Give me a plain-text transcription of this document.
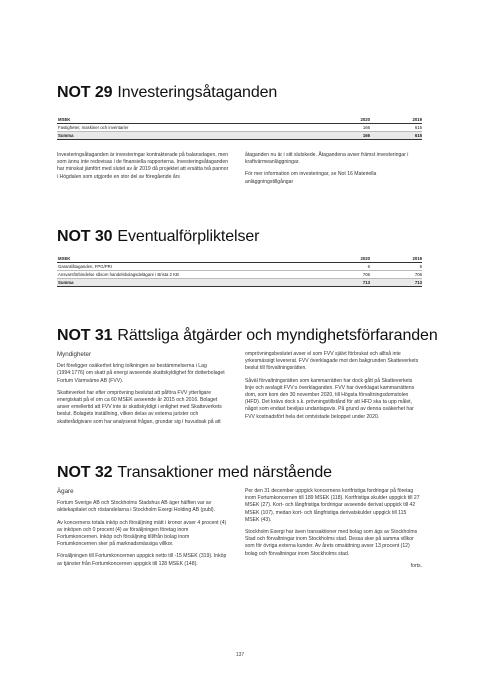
NOT 29 Investeringsåtaganden
MSEK	2020	2019
Fastigheter, maskiner och inventarier	166	615
Summa	166	615

Investeringsåtaganden är investeringar kontrakterade på balansdagen, men som ännu inte redovisas i de finansiella rapporterna. Investeringsåtaganden har minskat jämfört med slutet av år 2019 då projektet att ersätta två pannor i Högdalen som utgjorde en stor del av föregående års

åtaganden nu är i sitt slutskede. Åtagandena avser främst investeringar i kraftvärmeanläggningar.

För mer information om investeringar, se Not 16 Materiella anläggningstillgångar

NOT 30 Eventualförpliktelser
MSEK	2020	2019
Garantiåtaganden, FPG/PRI	6	6
Ansvarsförbindelse såsom handelsbolagsdelägare i Brista 2 KB	706	706
Summa	713	713
NOT 31 Rättsliga åtgärder och myndighetsförfaranden
Myndigheter

Det föreligger osäkerhet kring tolkningen av bestämmelserna i Lag (1994:1776) om skatt på energi avseende skattskyldighet för dotterbolaget Fortum Värmväme AB (FVV).

Skatteverket har efter omprövning beslutat att påföra FVV ytterligare energiskatt på el om ca 60 MSEK avseende år 2015 och 2016. Bolaget anser emellertid att FVV inte är skattskyldigt i enlighet med Skatteverkets beslut. Bolagets inställning, vilken delas av externa jurister och skatterådgivare som har analyserat frågan, grundar sig i huvudsak på att

omprövningsbeslutet avser el som FVV självt förbrukat och alltså inte yrkesmässigt levererat. FVV överklagade mot den bakgrunden Skatteverkets beslut till förvaltningsrätten.

Såväl förvaltningsrätten som kammarrätten har dock gått på Skatteverkets linje och avslagit FVV:s överklaganden. FVV har överklagat kammarrättens dom, som kom den 30 november 2020, till Högsta förvaltningsdomstolen (HFD). Det krävs dock s.k. prövningstillstånd för att HFD ska ta upp målet, något som endast beviljas undantagsvis. På grund av denna osäkerhet har FVV kostnadsfört hela det omtvistade beloppet under 2020.

NOT 32 Transaktioner med närstående
Ägare

Fortum Sverige AB och Stockholms Stadshus AB äger hälften var av aktiekapitalet och röstandelarna i Stockholm Exergi Holding AB (publ).

Av koncernens totala inköp och försäljning mätt i kronor avser 4 procent (4) av inköpen och 0 procent (4) av försäljningen företag inom Fortumkoncernen. Inköp och försäljning till/från bolag inom Fortumkoncernen sker på marknadsmässiga villkor.

Försäljningen till Fortumkoncernen uppgick netto till -15 MSEK (319). Inköp av tjänster från Fortumkoncernen uppgick till 128 MSEK (148).

Per den 31 december uppgick koncernens kortfristiga fordringar på företag inom Fortumkoncernen till 189 MSEK (118). Kortfristiga skulder uppgick till 27 MSEK (27). Kort- och långfristiga fordringar avseende derivat uppgick till 42 MSEK (107), medan kort- och långfristiga derivatskulder uppgick till 115 MSEK (43).

Stockholm Exergi har även transaktioner med bolag som ägs av Stockholms Stad och förvaltningar inom Stockholms stad. Dessa sker på samma villkor som för övriga externa kunder. Av årets omsättning avser 13 procent (12) bolag och förvaltningar inom Stockholms stad.

forts.

137
